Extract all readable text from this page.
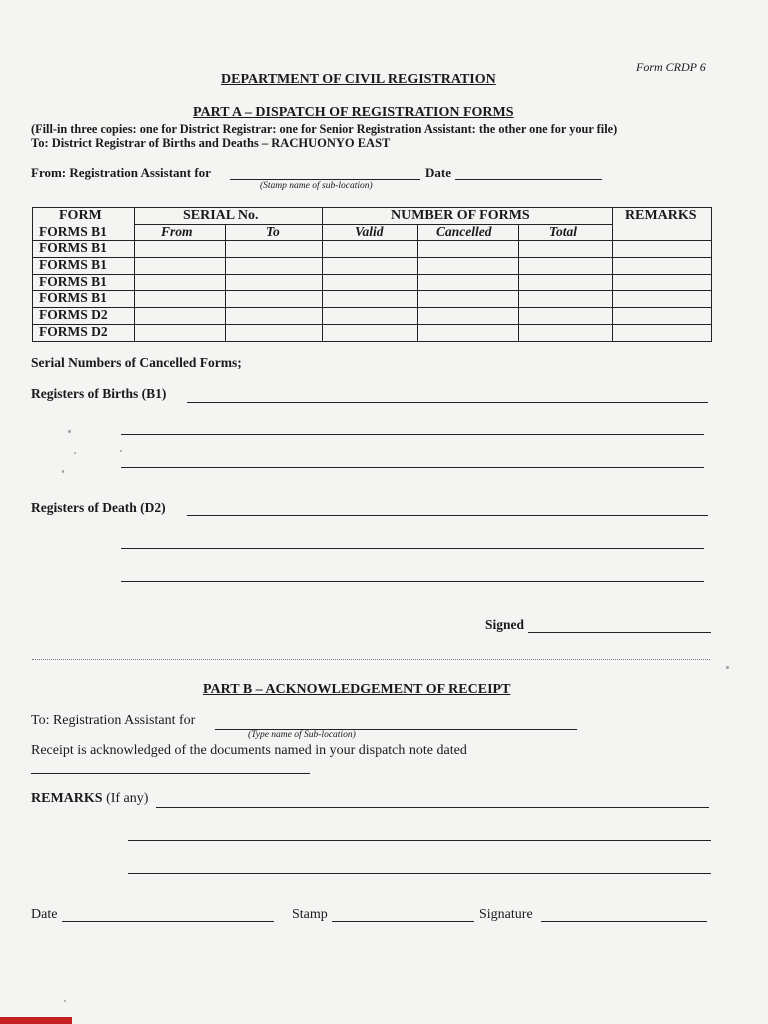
Form CRDP 6
DEPARTMENT OF CIVIL REGISTRATION
PART A – DISPATCH OF REGISTRATION FORMS
(Fill-in three copies: one for District Registrar: one for Senior Registration Assistant: the other one for your file)
To: District Registrar of Births and Deaths – RACHUONYO EAST
From: Registration Assistant for
(Stamp name of sub-location)
Date
FORM	SERIAL No.	NUMBER OF FORMS	REMARKS
From	To	Valid	Cancelled	Total
FORMS B1
FORMS B1
FORMS B1
FORMS B1
FORMS B1
FORMS D2
FORMS D2
Serial Numbers of Cancelled Forms;
Registers of Births (B1)
Registers of Death (D2)
Signed
PART B – ACKNOWLEDGEMENT OF RECEIPT
To: Registration Assistant for
(Type name of Sub-location)
Receipt is acknowledged of the documents named in your dispatch note dated
REMARKS (If any)
Date	Stamp	Signature
